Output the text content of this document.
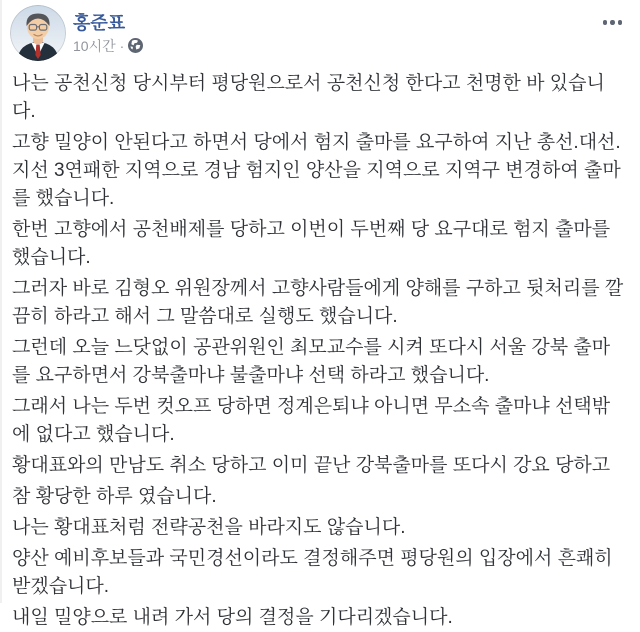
홍준표
10시간 ·

나는 공천신청 당시부터 평당원으로서 공천신청 한다고 천명한 바 있습니다.

고향 밀양이 안된다고 하면서 당에서 험지 출마를 요구하여 지난 총선.대선. 지선 3연패한 지역으로 경남 험지인 양산을 지역으로 지역구 변경하여 출마를 했습니다.

한번 고향에서 공천배제를 당하고 이번이 두번째 당 요구대로 험지 출마를 했습니다.

그러자 바로 김형오 위원장께서 고향사람들에게 양해를 구하고 뒷처리를 깔끔히 하라고 해서 그 말씀대로 실행도 했습니다.

그런데 오늘 느닷없이 공관위원인 최모교수를 시켜 또다시 서울 강북 출마를 요구하면서 강북출마냐 불출마냐 선택 하라고 했습니다.

그래서 나는 두번 컷오프 당하면 정계은퇴냐 아니면 무소속 출마냐 선택밖에 없다고 했습니다.

황대표와의 만남도 취소 당하고 이미 끝난 강북출마를 또다시 강요 당하고

참 황당한 하루 였습니다.

나는 황대표처럼 전략공천을 바라지도 않습니다.

양산 예비후보들과 국민경선이라도 결정해주면 평당원의 입장에서 흔쾌히 받겠습니다.

내일 밀양으로 내려 가서 당의 결정을 기다리겠습니다.
